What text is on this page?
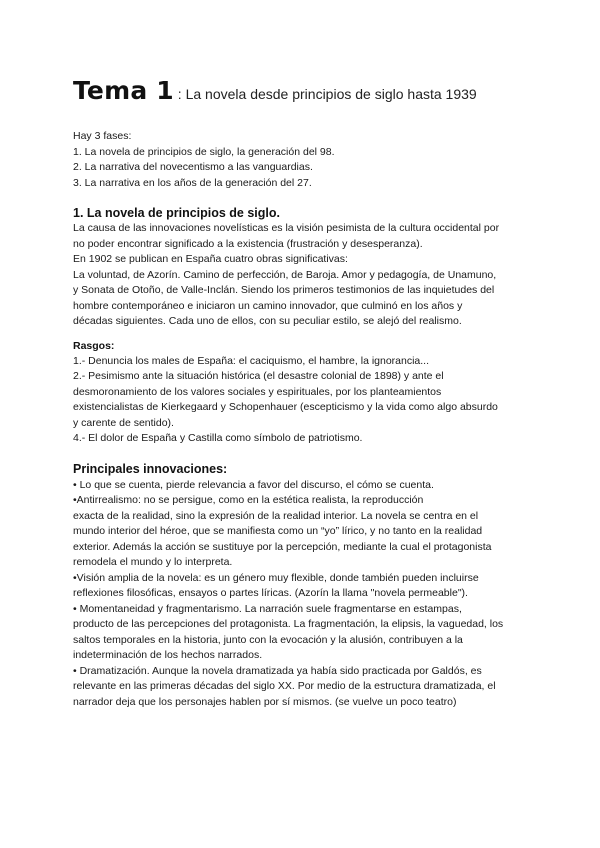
Tema 1 : La novela desde principios de siglo hasta 1939
Hay 3 fases:
1. La novela de principios de siglo, la generación del 98.
2. La narrativa del novecentismo a las vanguardias.
3. La narrativa en los años de la generación del 27.
1. La novela de principios de siglo.
La causa de las innovaciones novelísticas es la visión pesimista de la cultura occidental por
no poder encontrar significado a la existencia (frustración y desesperanza).
En 1902 se publican en España cuatro obras significativas:
La voluntad, de Azorín. Camino de perfección, de Baroja. Amor y pedagogía, de Unamuno,
y Sonata de Otoño, de Valle-Inclán. Siendo los primeros testimonios de las inquietudes del
hombre contemporáneo e iniciaron un camino innovador, que culminó en los años y
décadas siguientes. Cada uno de ellos, con su peculiar estilo, se alejó del realismo.
Rasgos:
1.- Denuncia los males de España: el caciquismo, el hambre, la ignorancia...
2.- Pesimismo ante la situación histórica (el desastre colonial de 1898) y ante el
desmoronamiento de los valores sociales y espirituales, por los planteamientos
existencialistas de Kierkegaard y Schopenhauer (escepticismo y la vida como algo absurdo
y carente de sentido).
4.- El dolor de España y Castilla como símbolo de patriotismo.
Principales innovaciones:
• Lo que se cuenta, pierde relevancia a favor del discurso, el cómo se cuenta.
•Antirrealismo: no se persigue, como en la estética realista, la reproducción
exacta de la realidad, sino la expresión de la realidad interior. La novela se centra en el
mundo interior del héroe, que se manifiesta como un “yo” lírico, y no tanto en la realidad
exterior. Además la acción se sustituye por la percepción, mediante la cual el protagonista
remodela el mundo y lo interpreta.
•Visión amplia de la novela: es un género muy flexible, donde también pueden incluirse
reflexiones filosóficas, ensayos o partes líricas. (Azorín la llama "novela permeable").
• Momentaneidad y fragmentarismo. La narración suele fragmentarse en estampas,
producto de las percepciones del protagonista. La fragmentación, la elipsis, la vaguedad, los
saltos temporales en la historia, junto con la evocación y la alusión, contribuyen a la
indeterminación de los hechos narrados.
• Dramatización. Aunque la novela dramatizada ya había sido practicada por Galdós, es
relevante en las primeras décadas del siglo XX. Por medio de la estructura dramatizada, el
narrador deja que los personajes hablen por sí mismos. (se vuelve un poco teatro)
